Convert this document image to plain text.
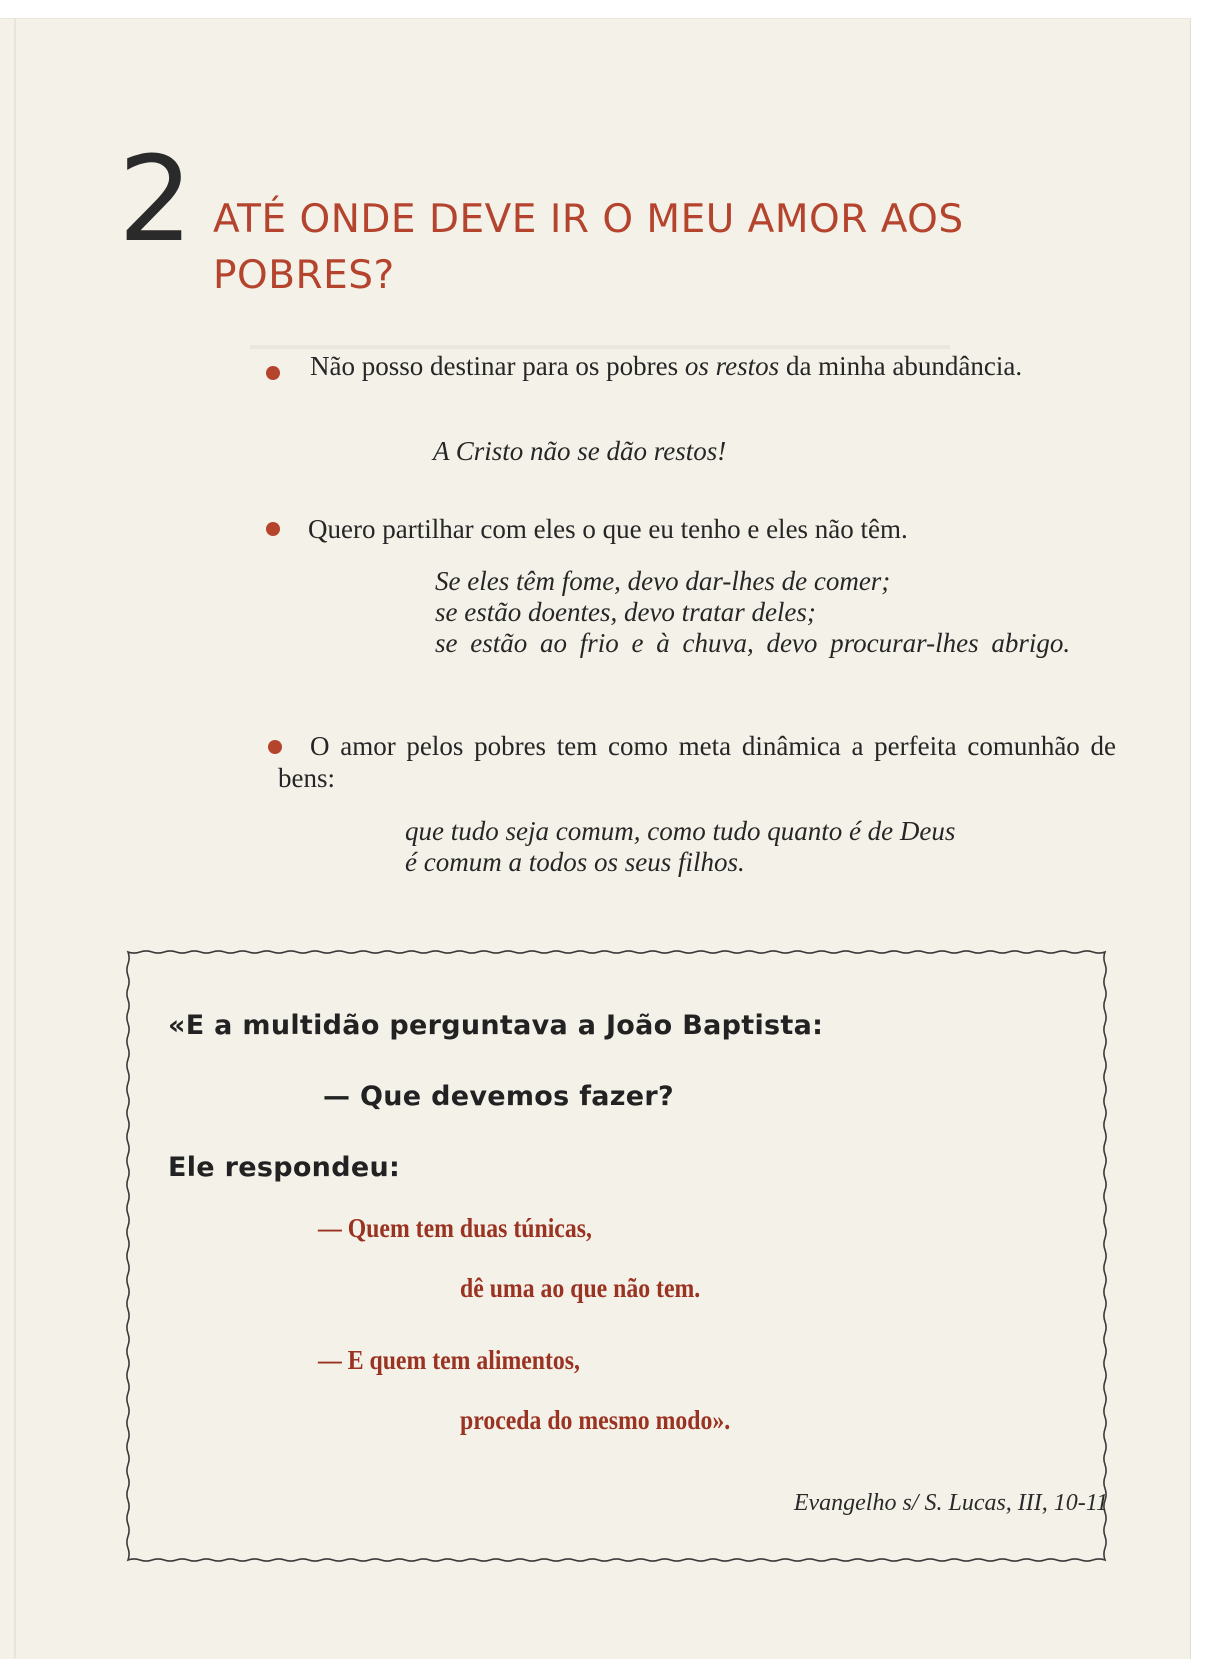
2 ATÉ ONDE DEVE IR O MEU AMOR AOS POBRES?
Não posso destinar para os pobres os restos da minha abundância.
A Cristo não se dão restos!
Quero partilhar com eles o que eu tenho e eles não têm.
Se eles têm fome, devo dar-lhes de comer;
se estão doentes, devo tratar deles;
se estão ao frio e à chuva, devo procurar-lhes abrigo.
O amor pelos pobres tem como meta dinâmica a perfeita comunhão de bens:
que tudo seja comum, como tudo quanto é de Deus
é comum a todos os seus filhos.
«E a multidão perguntava a João Baptista:
— Que devemos fazer?
Ele respondeu:
— Quem tem duas túnicas,
dê uma ao que não tem.
— E quem tem alimentos,
proceda do mesmo modo».
Evangelho s/ S. Lucas, III, 10-11
